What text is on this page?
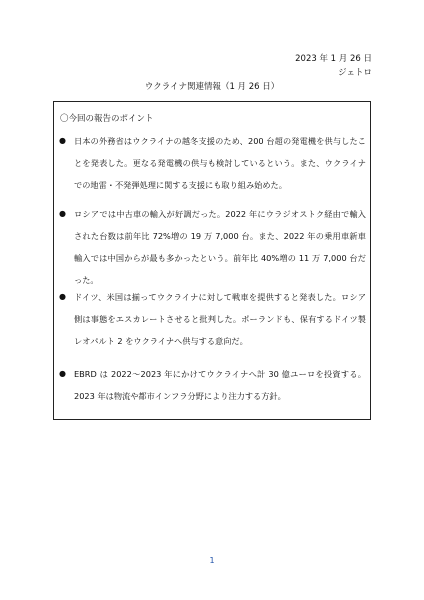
2023 年 1 月 26 日
ジェトロ
ウクライナ関連情報（1 月 26 日）
〇今回の報告のポイント
● 日本の外務省はウクライナの越冬支援のため、200 台超の発電機を供与したことを発表した。更なる発電機の供与も検討しているという。また、ウクライナでの地雷・不発弾処理に関する支援にも取り組み始めた。

● ロシアでは中古車の輸入が好調だった。2022 年にウラジオストク経由で輸入された台数は前年比 72%増の 19 万 7,000 台。また、2022 年の乗用車新車輸入では中国からが最も多かったという。前年比 40%増の 11 万 7,000 台だった。

● ドイツ、米国は揃ってウクライナに対して戦車を提供すると発表した。ロシア側は事態をエスカレートさせると批判した。ポーランドも、保有するドイツ製レオパルト 2 をウクライナへ供与する意向だ。

● EBRD は 2022～2023 年にかけてウクライナへ計 30 億ユーロを投資する。2023 年は物流や都市インフラ分野により注力する方針。

1
